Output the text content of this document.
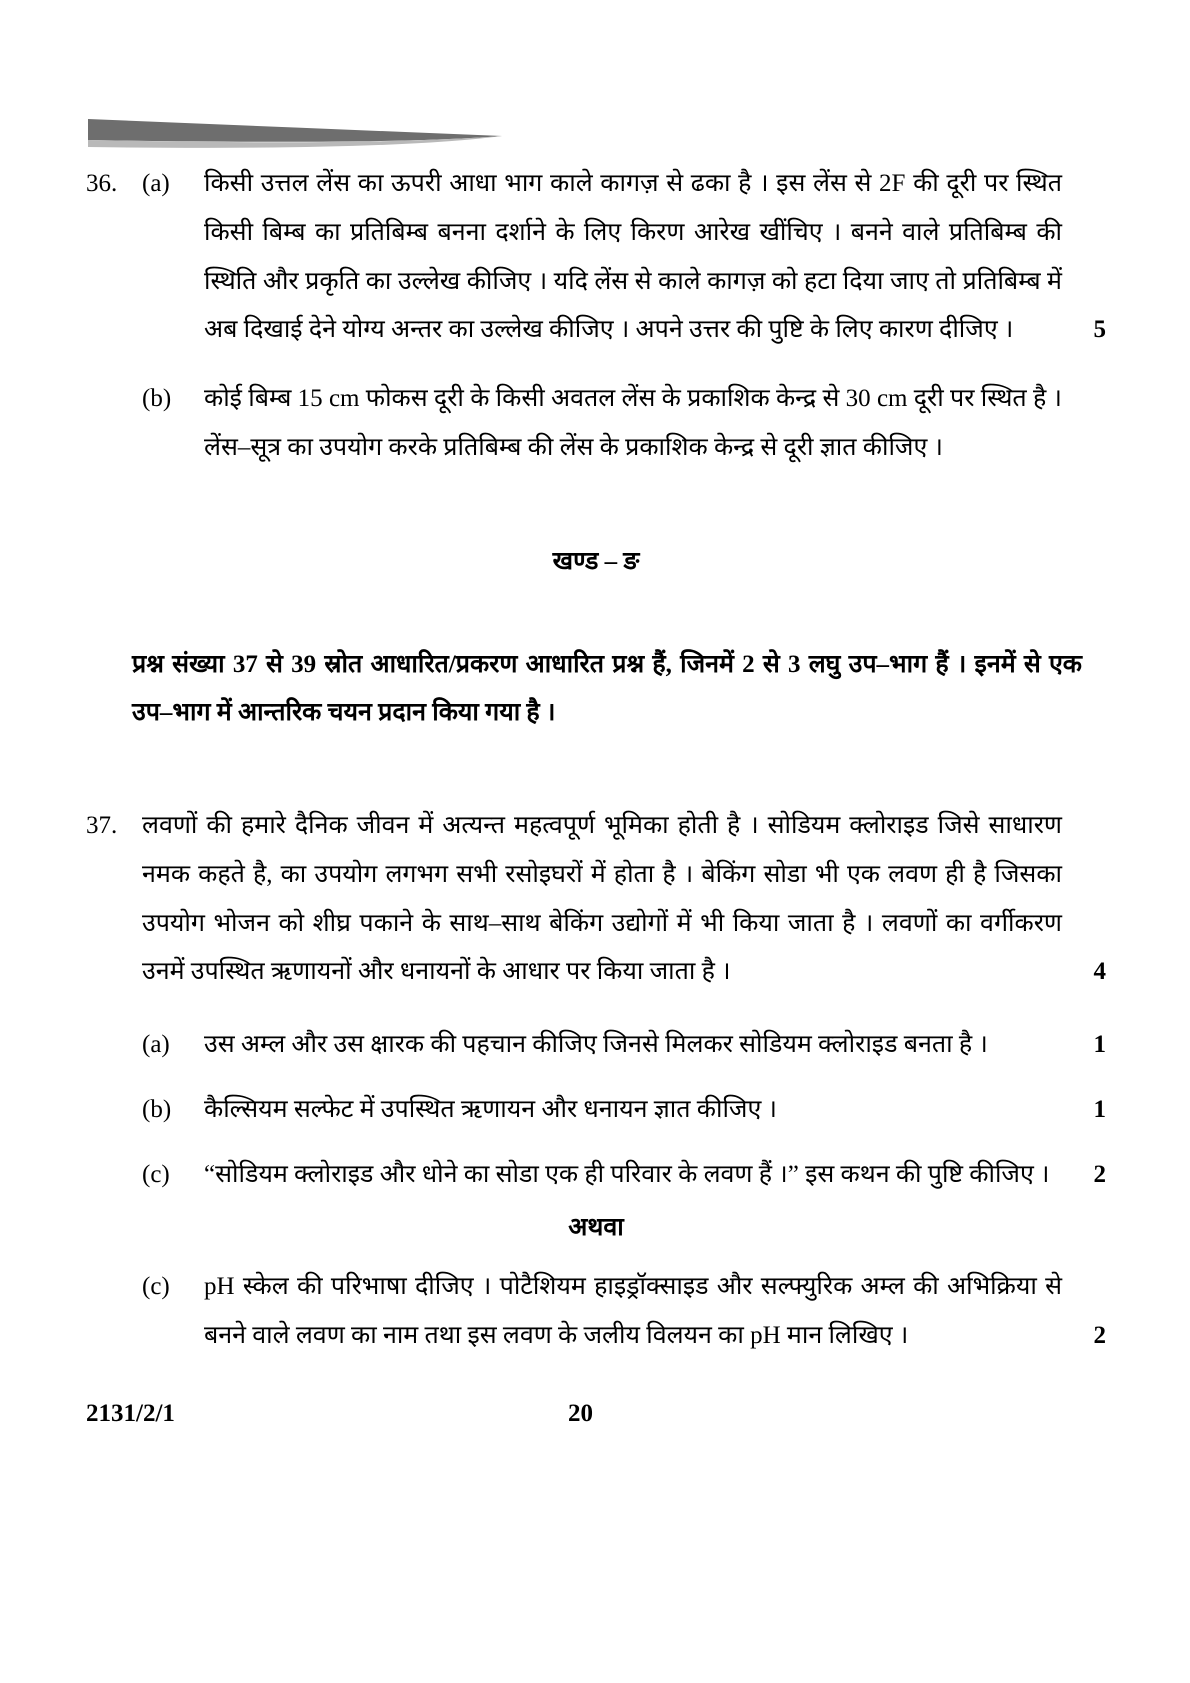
36. (a)	किसी उत्तल लेंस का ऊपरी आधा भाग काले कागज़ से ढका है । इस लेंस से 2F की दूरी पर स्थित किसी बिम्ब का प्रतिबिम्ब बनना दर्शाने के लिए किरण आरेख खींचिए । बनने वाले प्रतिबिम्ब की स्थिति और प्रकृति का उल्लेख कीजिए । यदि लेंस से काले कागज़ को हटा दिया जाए तो प्रतिबिम्ब में अब दिखाई देने योग्य अन्तर का उल्लेख कीजिए । अपने उत्तर की पुष्टि के लिए कारण दीजिए ।	5
(b)	कोई बिम्ब 15 cm फोकस दूरी के किसी अवतल लेंस के प्रकाशिक केन्द्र से 30 cm दूरी पर स्थित है । लेंस–सूत्र का उपयोग करके प्रतिबिम्ब की लेंस के प्रकाशिक केन्द्र से दूरी ज्ञात कीजिए ।
खण्ड – ङ

प्रश्न संख्या 37 से 39 स्रोत आधारित/प्रकरण आधारित प्रश्न हैं, जिनमें 2 से 3 लघु उप–भाग हैं । इनमें से एक उप–भाग में आन्तरिक चयन प्रदान किया गया है ।

37. लवणों की हमारे दैनिक जीवन में अत्यन्त महत्वपूर्ण भूमिका होती है । सोडियम क्लोराइड जिसे साधारण नमक कहते है, का उपयोग लगभग सभी रसोइघरों में होता है । बेकिंग सोडा भी एक लवण ही है जिसका उपयोग भोजन को शीघ्र पकाने के साथ–साथ बेकिंग उद्योगों में भी किया जाता है । लवणों का वर्गीकरण उनमें उपस्थित ऋणायनों और धनायनों के आधार पर किया जाता है ।	4
(a)	उस अम्ल और उस क्षारक की पहचान कीजिए जिनसे मिलकर सोडियम क्लोराइड बनता है ।	1
(b)	कैल्सियम सल्फेट में उपस्थित ऋणायन और धनायन ज्ञात कीजिए ।	1
(c)	“सोडियम क्लोराइड और धोने का सोडा एक ही परिवार के लवण हैं ।” इस कथन की पुष्टि कीजिए ।	2
अथवा
(c)	pH स्केल की परिभाषा दीजिए । पोटैशियम हाइड्रॉक्साइड और सल्फ्युरिक अम्ल की अभिक्रिया से बनने वाले लवण का नाम तथा इस लवण के जलीय विलयन का pH मान लिखिए ।	2
2131/2/1	20
